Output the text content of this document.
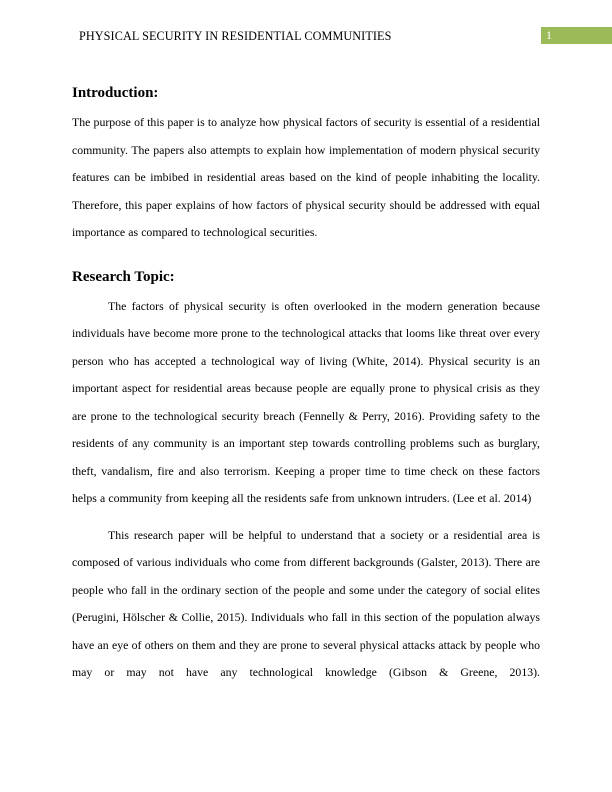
PHYSICAL SECURITY IN RESIDENTIAL COMMUNITIES	1
Introduction:

The purpose of this paper is to analyze how physical factors of security is essential of a residential community. The papers also attempts to explain how implementation of modern physical security features can be imbibed in residential areas based on the kind of people inhabiting the locality. Therefore, this paper explains of how factors of physical security should be addressed with equal importance as compared to technological securities.

Research Topic:

The factors of physical security is often overlooked in the modern generation because individuals have become more prone to the technological attacks that looms like threat over every person who has accepted a technological way of living (White, 2014). Physical security is an important aspect for residential areas because people are equally prone to physical crisis as they are prone to the technological security breach (Fennelly & Perry, 2016). Providing safety to the residents of any community is an important step towards controlling problems such as burglary, theft, vandalism, fire and also terrorism. Keeping a proper time to time check on these factors helps a community from keeping all the residents safe from unknown intruders. (Lee et al. 2014)

This research paper will be helpful to understand that a society or a residential area is composed of various individuals who come from different backgrounds (Galster, 2013). There are people who fall in the ordinary section of the people and some under the category of social elites (Perugini, Hölscher & Collie, 2015). Individuals who fall in this section of the population always have an eye of others on them and they are prone to several physical attacks attack by people who may or may not have any technological knowledge (Gibson & Greene, 2013).
